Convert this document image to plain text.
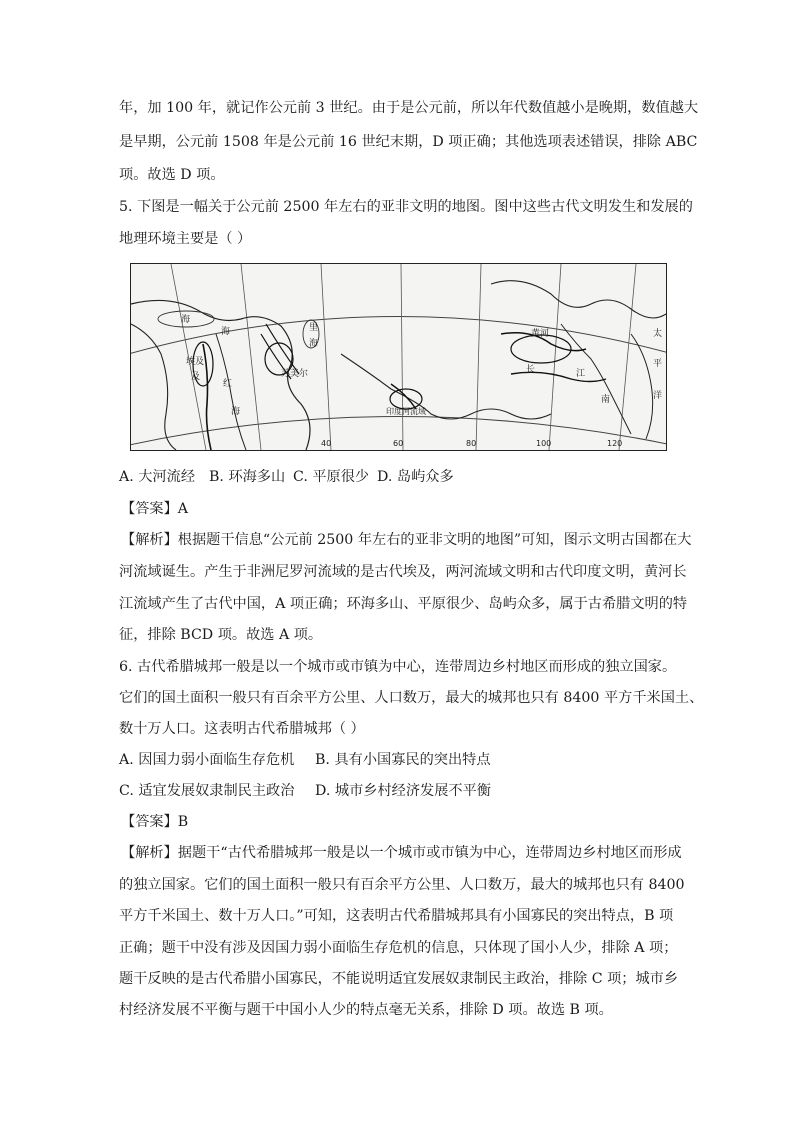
年，加 100 年，就记作公元前 3 世纪。由于是公元前，所以年代数值越小是晚期，数值越大
是早期，公元前 1508 年是公元前 16 世纪末期，D 项正确；其他选项表述错误，排除 ABC
项。故选 D 项。
5. 下图是一幅关于公元前 2500 年左右的亚非文明的地图。图中这些古代文明发生和发展的
地理环境主要是（ ）
海
海
埃及
红
海
里
海
苏美尔
印度河流域
黄河
长	江
太
平
洋
南
40	60	80	100	120
及
A. 大河流经 B. 环海多山 C. 平原很少 D. 岛屿众多
【答案】A
【解析】根据题干信息“公元前 2500 年左右的亚非文明的地图”可知，图示文明古国都在大
河流域诞生。产生于非洲尼罗河流域的是古代埃及，两河流域文明和古代印度文明，黄河长
江流域产生了古代中国，A 项正确；环海多山、平原很少、岛屿众多，属于古希腊文明的特
征，排除 BCD 项。故选 A 项。
6. 古代希腊城邦一般是以一个城市或市镇为中心，连带周边乡村地区而形成的独立国家。
它们的国土面积一般只有百余平方公里、人口数万，最大的城邦也只有 8400 平方千米国土、
数十万人口。这表明古代希腊城邦（ ）
A. 因国力弱小面临生存危机 B. 具有小国寡民的突出特点
C. 适宜发展奴隶制民主政治 D. 城市乡村经济发展不平衡
【答案】B
【解析】据题干“古代希腊城邦一般是以一个城市或市镇为中心，连带周边乡村地区而形成
的独立国家。它们的国土面积一般只有百余平方公里、人口数万，最大的城邦也只有 8400
平方千米国土、数十万人口。”可知，这表明古代希腊城邦具有小国寡民的突出特点，B 项
正确；题干中没有涉及因国力弱小面临生存危机的信息，只体现了国小人少，排除 A 项；
题干反映的是古代希腊小国寡民，不能说明适宜发展奴隶制民主政治，排除 C 项；城市乡
村经济发展不平衡与题干中国小人少的特点毫无关系，排除 D 项。故选 B 项。
